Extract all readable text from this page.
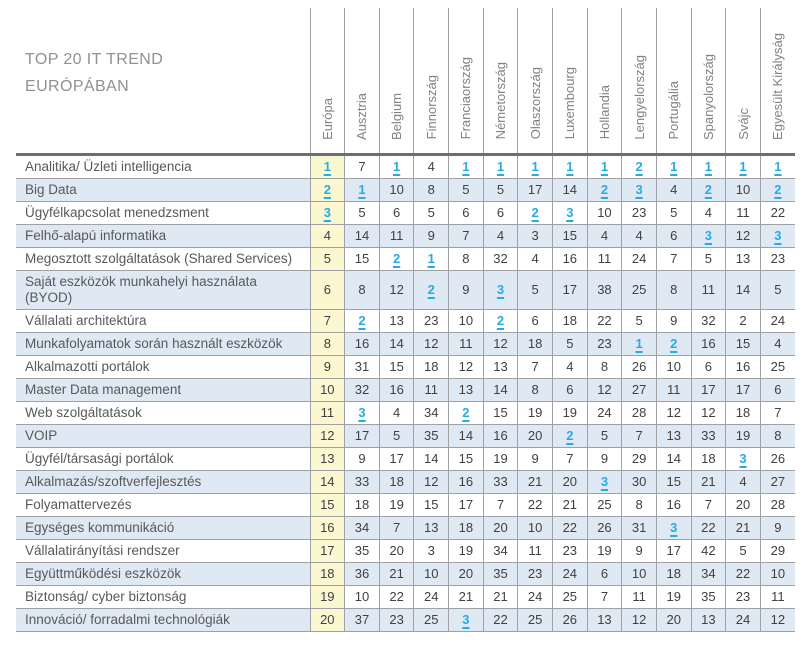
TOP 20 IT TREND
EURÓPÁBAN	Európa	Ausztria	Belgium	Finnország	Franciaország	Németország	Olaszország	Luxembourg	Hollandia	Lengyelország	Portugália	Spanyolország	Svájc	Egyesült Királyság
Analitika/ Üzleti intelligencia	1	7	1	4	1	1	1	1	1	2	1	1	1	1
Big Data	2	1	10	8	5	5	17	14	2	3	4	2	10	2
Ügyfélkapcsolat menedzsment	3	5	6	5	6	6	2	3	10	23	5	4	11	22
Felhő-alapú informatika	4	14	11	9	7	4	3	15	4	4	6	3	12	3
Megosztott szolgáltatások (Shared Services)	5	15	2	1	8	32	4	16	11	24	7	5	13	23
Saját eszközök munkahelyi használata (BYOD)	6	8	12	2	9	3	5	17	38	25	8	11	14	5
Vállalati architektúra	7	2	13	23	10	2	6	18	22	5	9	32	2	24
Munkafolyamatok során használt eszközök	8	16	14	12	11	12	18	5	23	1	2	16	15	4
Alkalmazotti portálok	9	31	15	18	12	13	7	4	8	26	10	6	16	25
Master Data management	10	32	16	11	13	14	8	6	12	27	11	17	17	6
Web szolgáltatások	11	3	4	34	2	15	19	19	24	28	12	12	18	7
VOIP	12	17	5	35	14	16	20	2	5	7	13	33	19	8
Ügyfél/társasági portálok	13	9	17	14	15	19	9	7	9	29	14	18	3	26
Alkalmazás/szoftverfejlesztés	14	33	18	12	16	33	21	20	3	30	15	21	4	27
Folyamattervezés	15	18	19	15	17	7	22	21	25	8	16	7	20	28
Egységes kommunikáció	16	34	7	13	18	20	10	22	26	31	3	22	21	9
Vállalatirányítási rendszer	17	35	20	3	19	34	11	23	19	9	17	42	5	29
Együttműködési eszközök	18	36	21	10	20	35	23	24	6	10	18	34	22	10
Biztonság/ cyber biztonság	19	10	22	24	21	21	24	25	7	11	19	35	23	11
Innováció/ forradalmi technológiák	20	37	23	25	3	22	25	26	13	12	20	13	24	12
